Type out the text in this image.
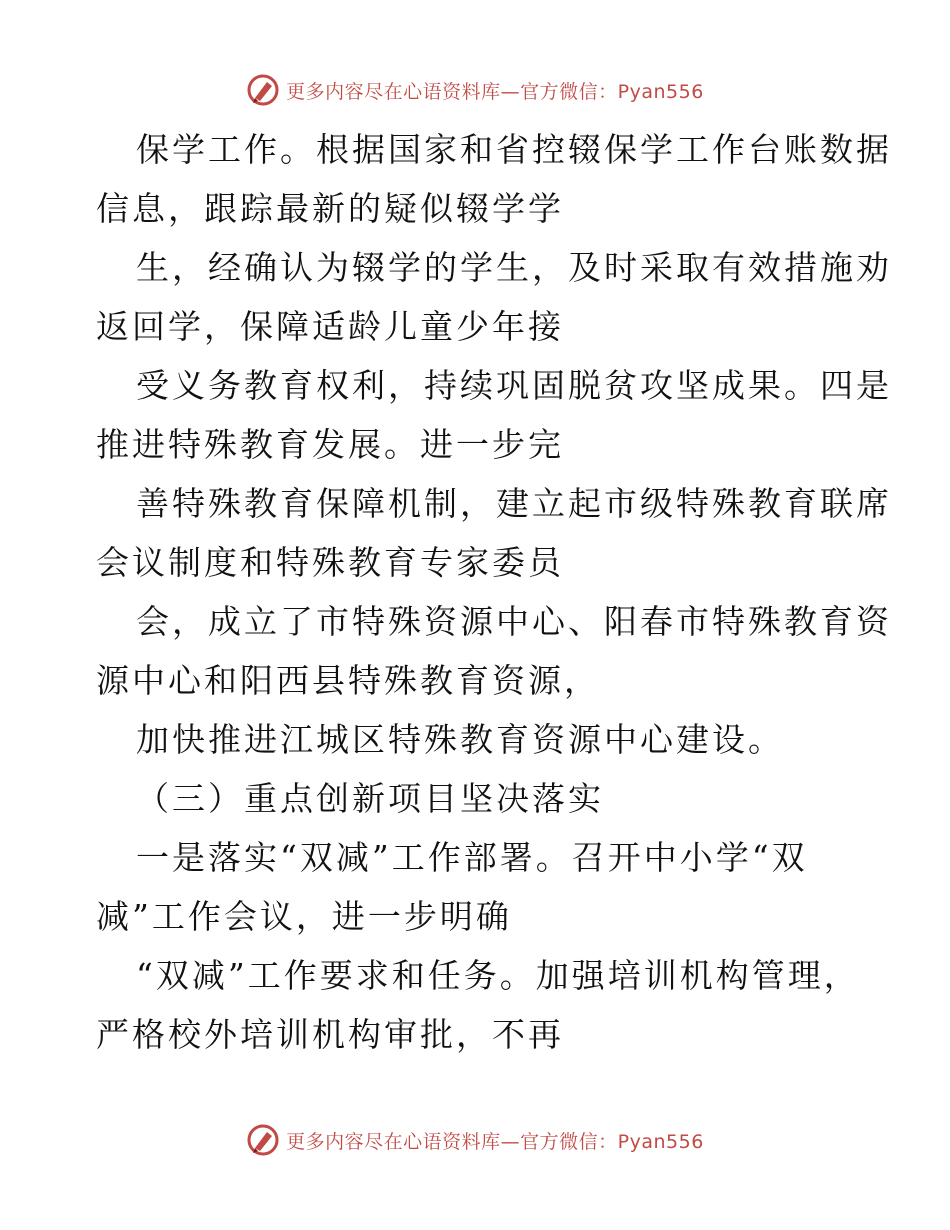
更多内容尽在心语资料库—官方微信：Pyan556

保学工作。根据国家和省控辍保学工作台账数据
信息，跟踪最新的疑似辍学学

生，经确认为辍学的学生，及时采取有效措施劝
返回学，保障适龄儿童少年接

受义务教育权利，持续巩固脱贫攻坚成果。四是
推进特殊教育发展。进一步完

善特殊教育保障机制，建立起市级特殊教育联席
会议制度和特殊教育专家委员

会，成立了市特殊资源中心、阳春市特殊教育资
源中心和阳西县特殊教育资源，

加快推进江城区特殊教育资源中心建设。

（三）重点创新项目坚决落实

一是落实“双减”工作部署。召开中小学“双
减”工作会议，进一步明确

“双减”工作要求和任务。加强培训机构管理，
严格校外培训机构审批，不再

更多内容尽在心语资料库—官方微信：Pyan556
